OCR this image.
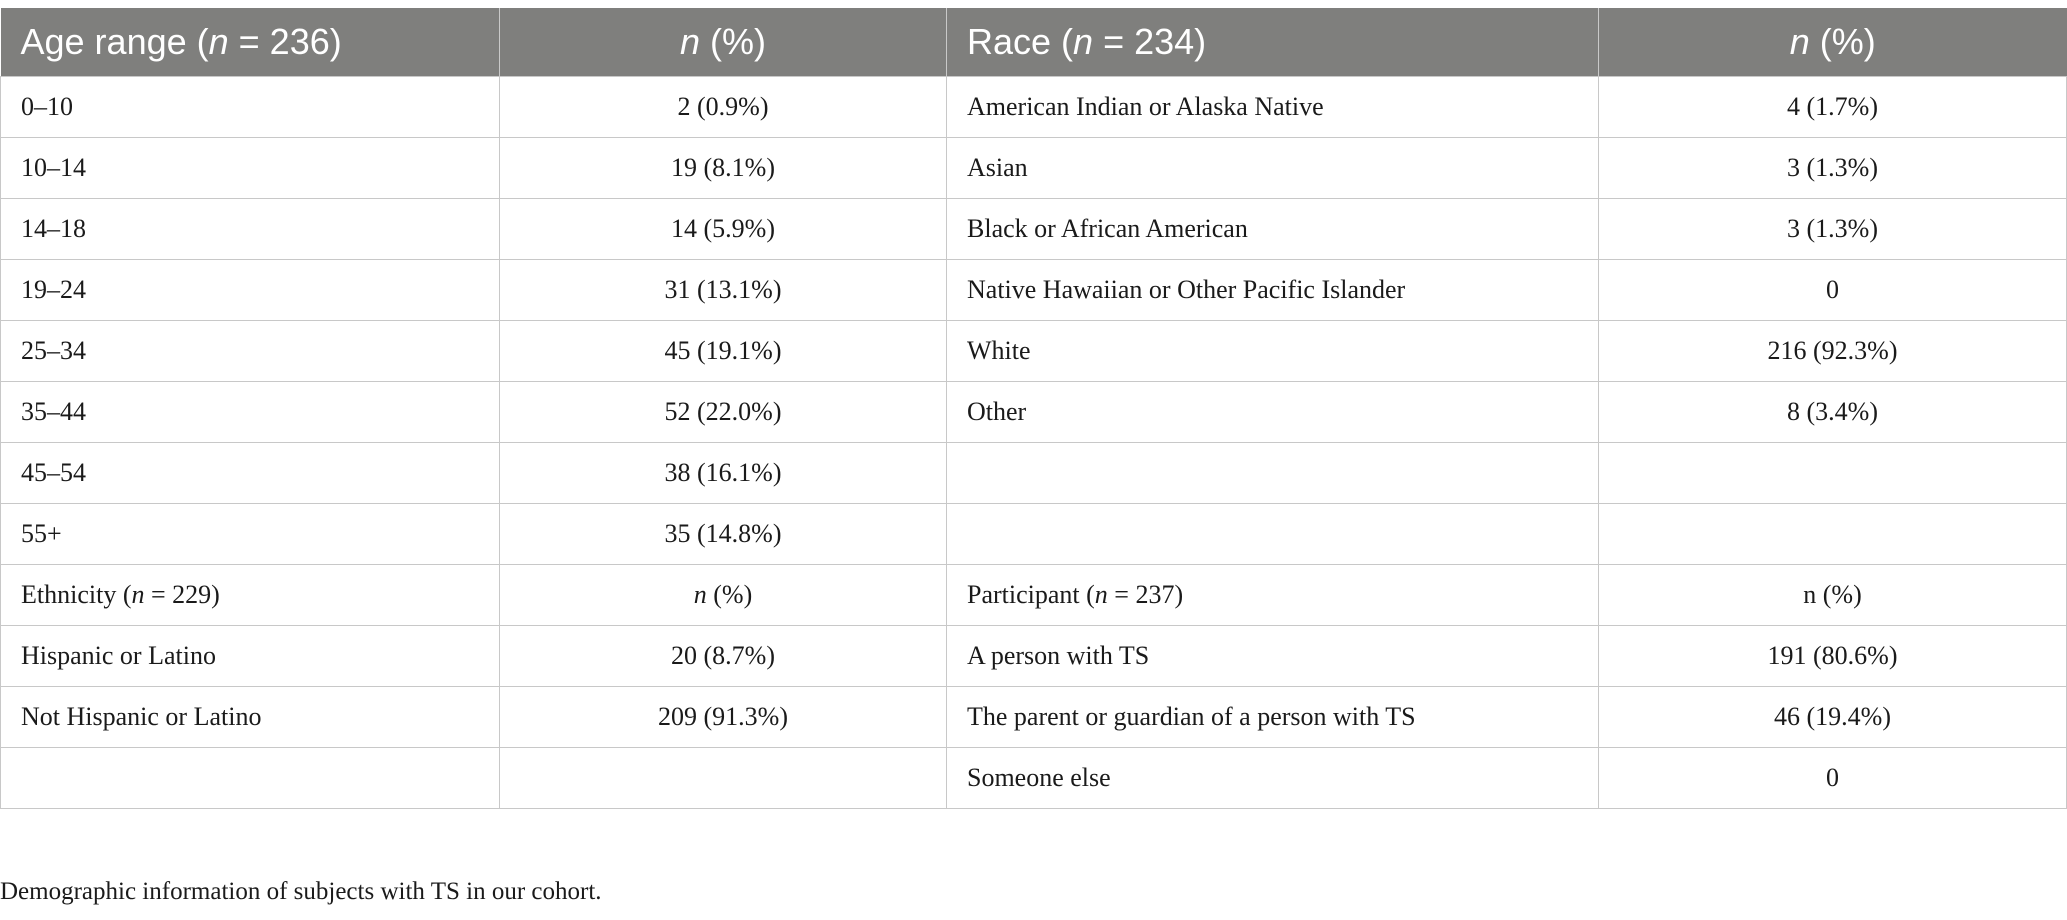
Age range (n = 236)	n (%)	Race (n = 234)	n (%)
0–10	2 (0.9%)	American Indian or Alaska Native	4 (1.7%)
10–14	19 (8.1%)	Asian	3 (1.3%)
14–18	14 (5.9%)	Black or African American	3 (1.3%)
19–24	31 (13.1%)	Native Hawaiian or Other Pacific Islander	0
25–34	45 (19.1%)	White	216 (92.3%)
35–44	52 (22.0%)	Other	8 (3.4%)
45–54	38 (16.1%)		
55+	35 (14.8%)		
Ethnicity (n = 229)	n (%)	Participant (n = 237)	n (%)
Hispanic or Latino	20 (8.7%)	A person with TS	191 (80.6%)
Not Hispanic or Latino	209 (91.3%)	The parent or guardian of a person with TS	46 (19.4%)
		Someone else	0
Demographic information of subjects with TS in our cohort.
